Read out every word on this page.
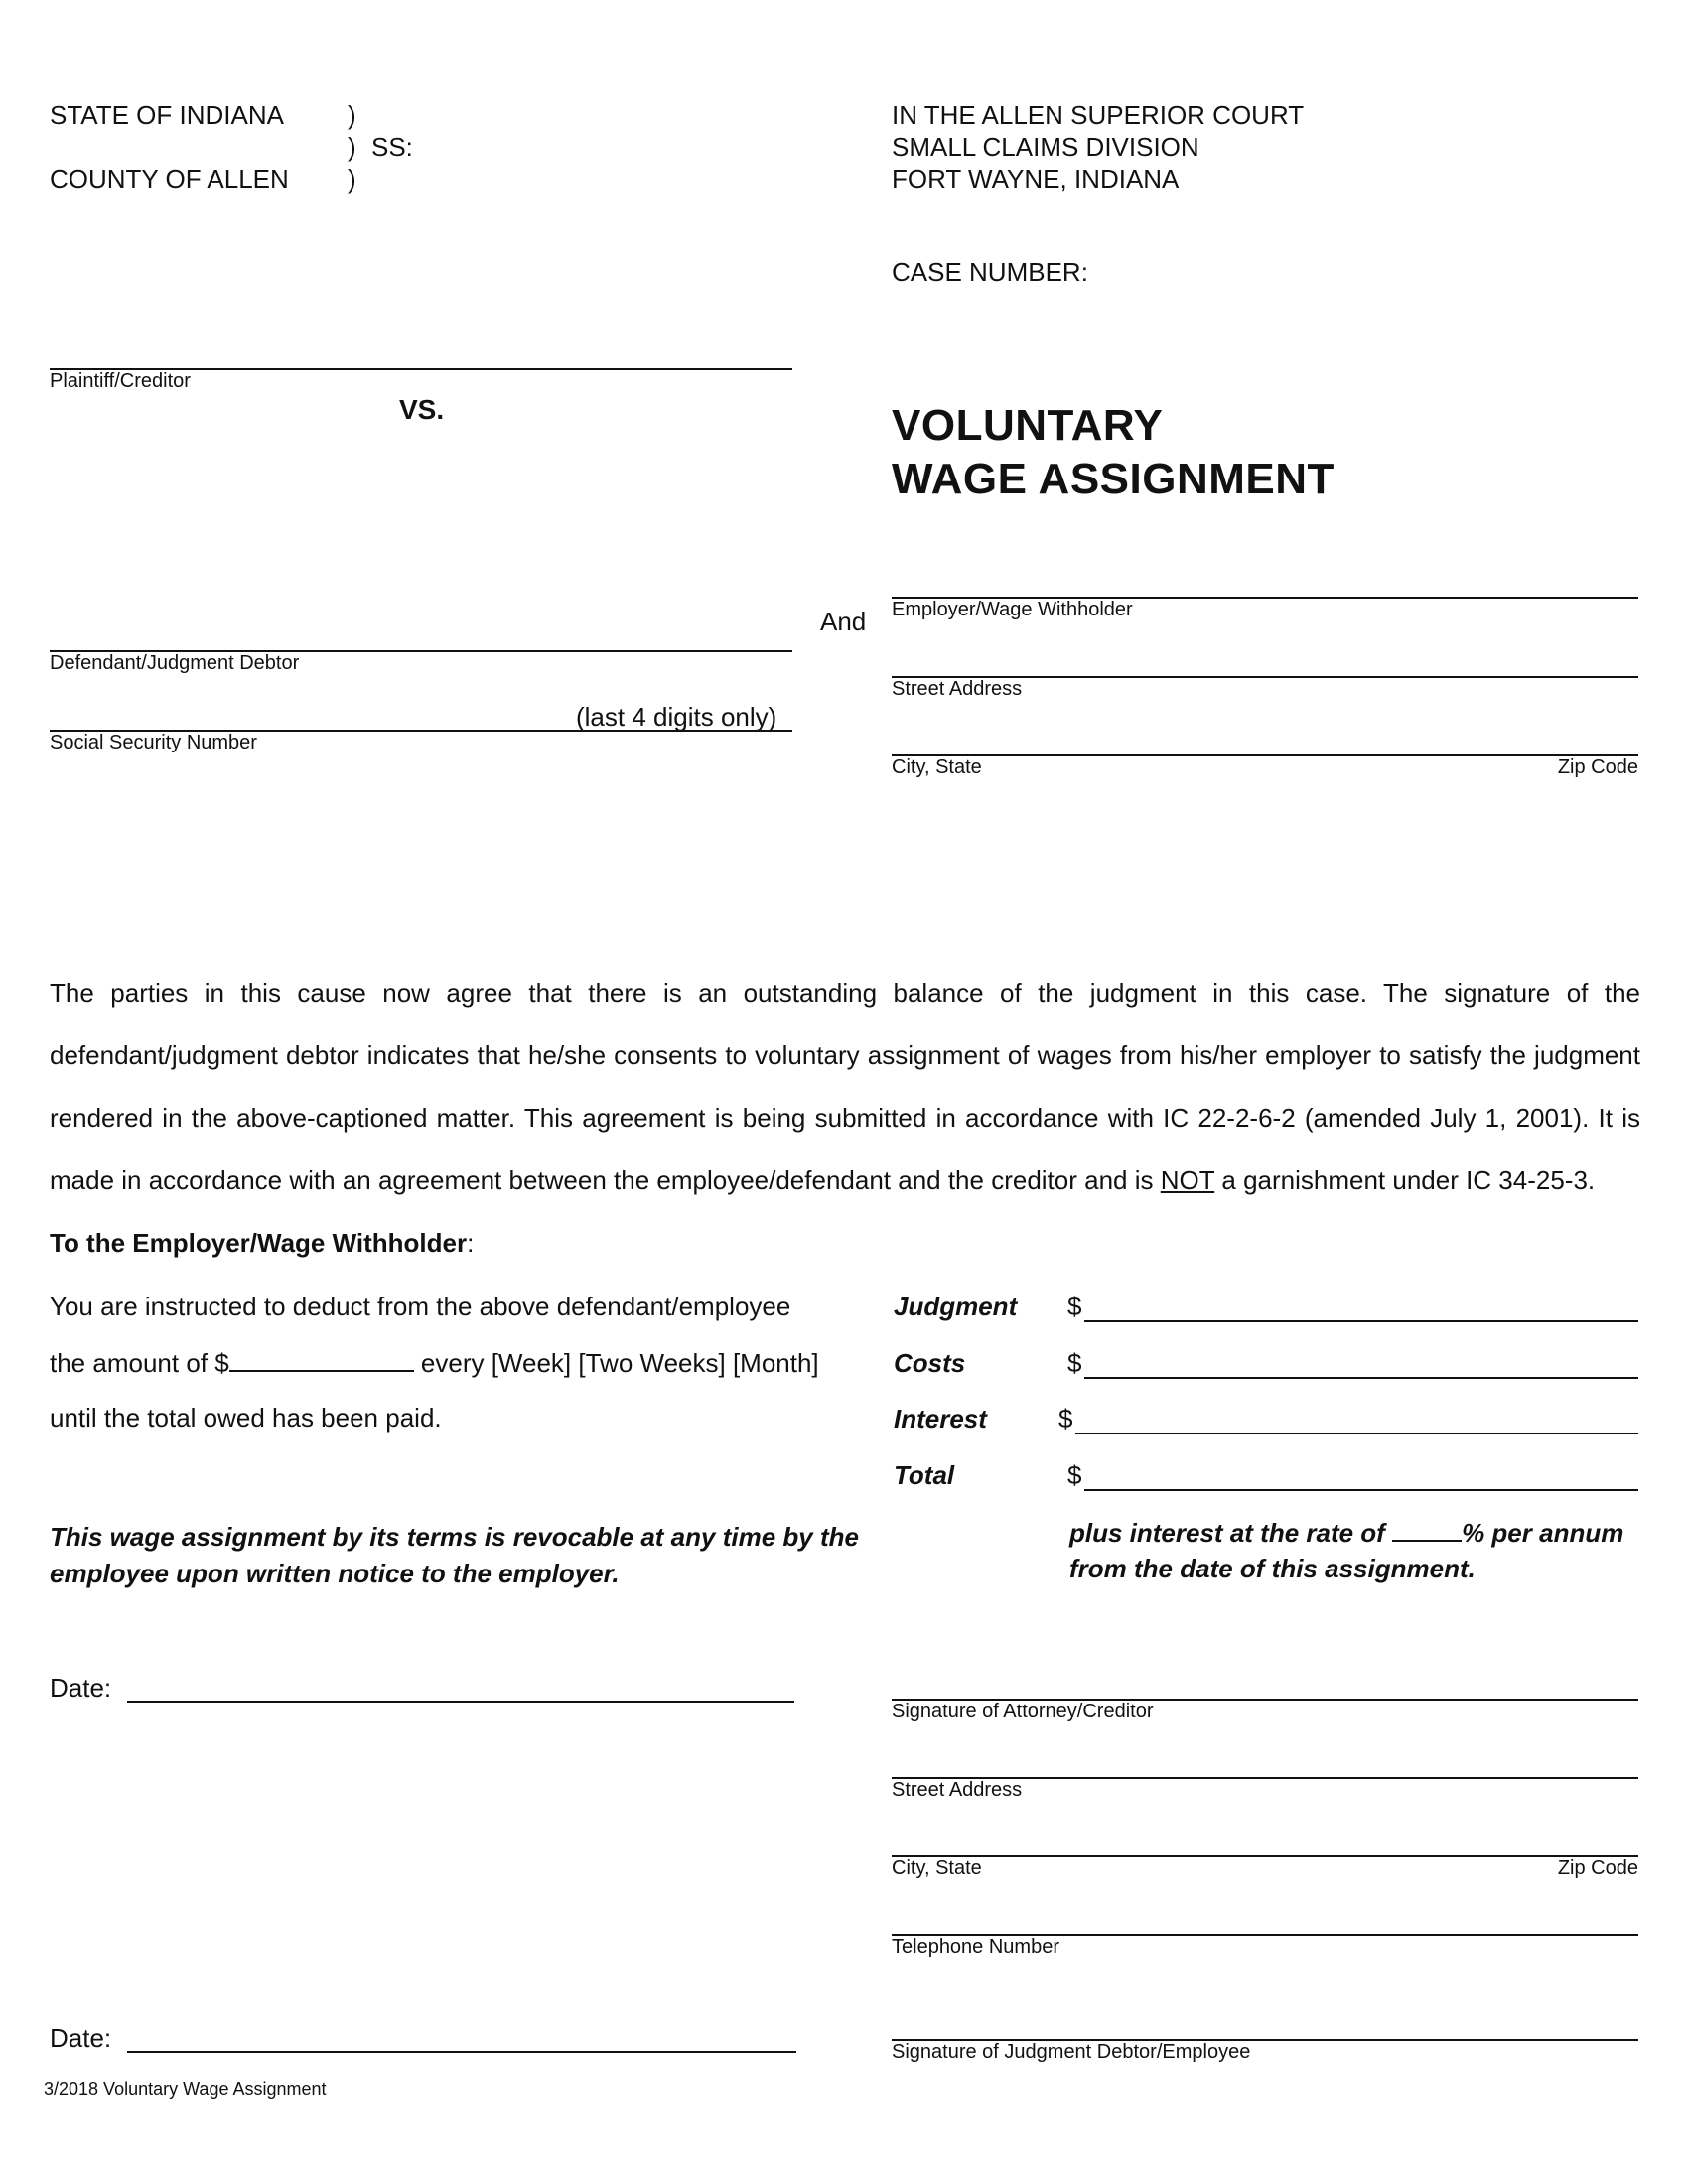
STATE OF INDIANA )
) SS:
COUNTY OF ALLEN )
IN THE ALLEN SUPERIOR COURT
SMALL CLAIMS DIVISION
FORT WAYNE, INDIANA
CASE NUMBER:
Plaintiff/Creditor
VS.
And
Defendant/Judgment Debtor
(last 4 digits only)
Social Security Number
VOLUNTARY
WAGE ASSIGNMENT
Employer/Wage Withholder
Street Address
City, State	Zip Code
The parties in this cause now agree that there is an outstanding balance of the judgment in this case. The signature of the defendant/judgment debtor indicates that he/she consents to voluntary assignment of wages from his/her employer to satisfy the judgment rendered in the above-captioned matter. This agreement is being submitted in accordance with IC 22-2-6-2 (amended July 1, 2001). It is made in accordance with an agreement between the employee/defendant and the creditor and is NOT a garnishment under IC 34-25-3.
To the Employer/Wage Withholder:
You are instructed to deduct from the above defendant/employee
the amount of $	every [Week] [Two Weeks] [Month]
until the total owed has been paid.
This wage assignment by its terms is revocable at any time by the employee upon written notice to the employer.
Judgment $
Costs	$
Interest	$
Total	$
plus interest at the rate of	% per annum
from the date of this assignment.
Date:
Date:
Signature of Attorney/Creditor
Street Address
City, State	Zip Code
Telephone Number
Signature of Judgment Debtor/Employee
3/2018 Voluntary Wage Assignment
